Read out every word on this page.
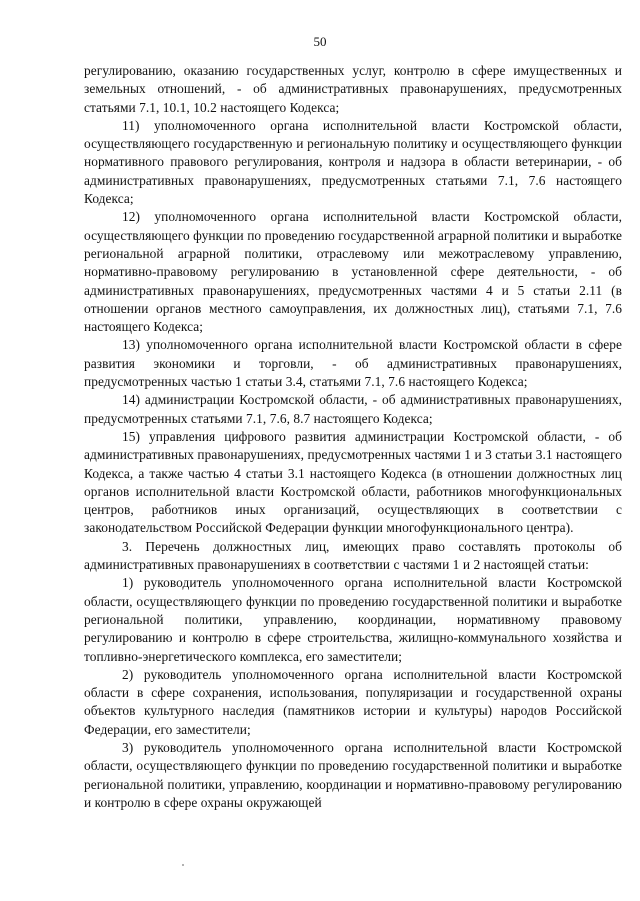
50

регулированию, оказанию государственных услуг, контролю в сфере имущественных и земельных отношений, - об административных правонарушениях, предусмотренных статьями 7.1, 10.1, 10.2 настоящего Кодекса;

11) уполномоченного органа исполнительной власти Костромской области, осуществляющего государственную и региональную политику и осуществляющего функции нормативного правового регулирования, контроля и надзора в области ветеринарии, - об административных правонарушениях, предусмотренных статьями 7.1, 7.6 настоящего Кодекса;

12) уполномоченного органа исполнительной власти Костромской области, осуществляющего функции по проведению государственной аграрной политики и выработке региональной аграрной политики, отраслевому или межотраслевому управлению, нормативно-правовому регулированию в установленной сфере деятельности, - об административных правонарушениях, предусмотренных частями 4 и 5 статьи 2.11 (в отношении органов местного самоуправления, их должностных лиц), статьями 7.1, 7.6 настоящего Кодекса;

13) уполномоченного органа исполнительной власти Костромской области в сфере развития экономики и торговли, - об административных правонарушениях, предусмотренных частью 1 статьи 3.4, статьями 7.1, 7.6 настоящего Кодекса;

14) администрации Костромской области, - об административных правонарушениях, предусмотренных статьями 7.1, 7.6, 8.7 настоящего Кодекса;

15) управления цифрового развития администрации Костромской области, - об административных правонарушениях, предусмотренных частями 1 и 3 статьи 3.1 настоящего Кодекса, а также частью 4 статьи 3.1 настоящего Кодекса (в отношении должностных лиц органов исполнительной власти Костромской области, работников многофункциональных центров, работников иных организаций, осуществляющих в соответствии с законодательством Российской Федерации функции многофункционального центра).

3. Перечень должностных лиц, имеющих право составлять протоколы об административных правонарушениях в соответствии с частями 1 и 2 настоящей статьи:

1) руководитель уполномоченного органа исполнительной власти Костромской области, осуществляющего функции по проведению государственной политики и выработке региональной политики, управлению, координации, нормативному правовому регулированию и контролю в сфере строительства, жилищно-коммунального хозяйства и топливно-энергетического комплекса, его заместители;

2) руководитель уполномоченного органа исполнительной власти Костромской области в сфере сохранения, использования, популяризации и государственной охраны объектов культурного наследия (памятников истории и культуры) народов Российской Федерации, его заместители;

3) руководитель уполномоченного органа исполнительной власти Костромской области, осуществляющего функции по проведению государственной политики и выработке региональной политики, управлению, координации и нормативно-правовому регулированию и контролю в сфере охраны окружающей
